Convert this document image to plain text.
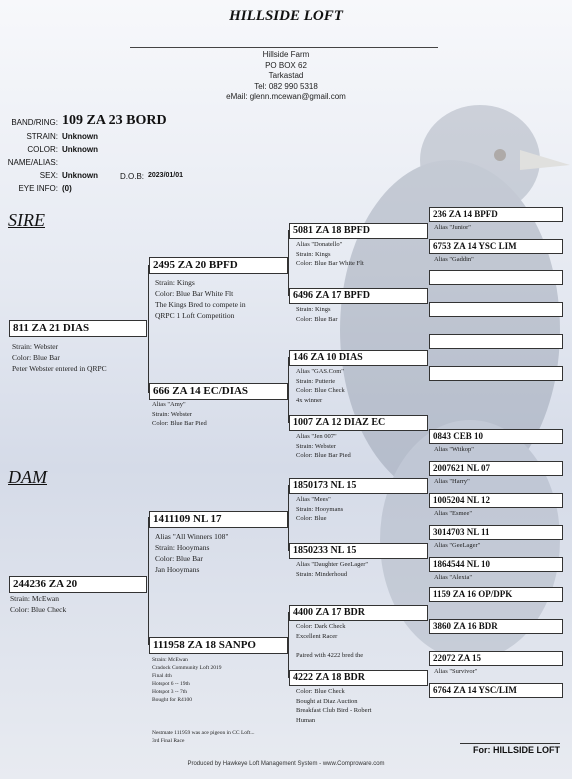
HILLSIDE LOFT
Hillside Farm
PO BOX 62
Tarkastad
Tel: 082 990 5318
eMail: glenn.mcewan@gmail.com
BAND/RING: 109 ZA 23 BORD
STRAIN: Unknown
COLOR: Unknown
NAME/ALIAS:
SEX: Unknown	D.O.B: 2023/01/01
EYE INFO: (0)
SIRE
DAM
811 ZA 21 DIAS
Strain: Webster
Color: Blue Bar
Peter Webster entered in QRPC
244236 ZA 20
Strain: McEwan
Color: Blue Check
2495 ZA 20 BPFD
Strain: Kings
Color: Blue Bar White Flt
The Kings Bred to compete in
QRPC 1 Loft Competition
666 ZA 14 EC/DIAS
Alias "Amy"
Strain: Webster
Color: Blue Bar Pied
1411109 NL 17
Alias "All Winners 108"
Strain: Hooymans
Color: Blue Bar
Jan Hooymans
111958 ZA 18 SANPO
Strain: McEwan
Cradock Community Loft 2019
Final 4th
Hotspot 6 -- 19th
Hotspot 3 -- 7th
Bought for R4100
Nestmate 111959 was ace pigeon in CC Loft...
3rd Final Race
5081 ZA 18 BPFD
Alias "Donatello"
Strain: Kings
Color: Blue Bar White Flt
6496 ZA 17 BPFD
Strain: Kings
Color: Blue Bar
146 ZA 10 DIAS
Alias "GAS.Com"
Strain: Putterie
Color: Blue Check
4x winner
1007 ZA 12 DIAZ EC
Alias "Jen 007"
Strain: Webster
Color: Blue Bar Pied
1850173 NL 15
Alias "Mees"
Strain: Hooymans
Color: Blue
1850233 NL 15
Alias "Daughter GeeLager"
Strain: Minderhoud
4400 ZA 17 BDR
Color: Dark Check
Excellent Racer

Paired with 4222 bred the
4222 ZA 18 BDR
Color: Blue Check
Bought at Diaz Auction
Breakfast Club Bird - Robert
Human
236 ZA 14 BPFD
Alias "Junior"
6753 ZA 14 YSC LIM
Alias "Gaddin"
0843 CEB 10
Alias "Witkop"
2007621 NL 07
Alias "Harry"
1005204 NL 12
Alias "Esmee"
3014703 NL 11
Alias "GeeLager"
1864544 NL 10
Alias "Alexia"
1159 ZA 16 OP/DPK
3860 ZA 16 BDR
22072 ZA 15
Alias "Survivor"
6764 ZA 14 YSC/LIM
For: HILLSIDE LOFT
Produced by Hawkeye Loft Management System - www.Comproware.com
